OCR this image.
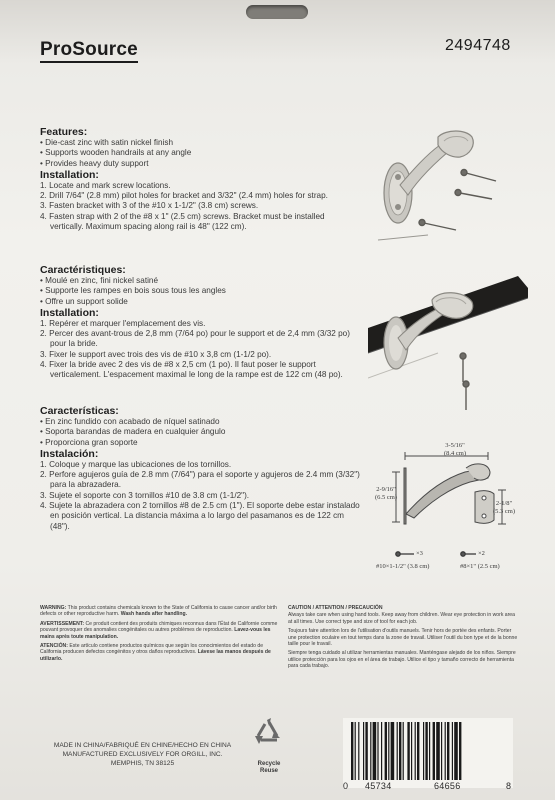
ProSource	2494748
Features:
• Die-cast zinc with satin nickel finish
• Supports wooden handrails at any angle
• Provides heavy duty support
Installation:
1. Locate and mark screw locations.
2. Drill 7/64" (2.8 mm) pilot holes for bracket and 3/32" (2.4 mm) holes for strap.
3. Fasten bracket with 3 of the #10 x 1-1/2" (3.8 cm) screws.
4. Fasten strap with 2 of the #8 x 1" (2.5 cm) screws. Bracket must be installed vertically. Maximum spacing along rail is 48" (122 cm).
Caractéristiques:
• Moulé en zinc, fini nickel satiné
• Supporte les rampes en bois sous tous les angles
• Offre un support solide
Installation:
1. Repérer et marquer l'emplacement des vis.
2. Percer des avant-trous de 2,8 mm (7/64 po) pour le support et de 2,4 mm (3/32 po) pour la bride.
3. Fixer le support avec trois des vis de #10 x 3,8 cm (1-1/2 po).
4. Fixer la bride avec 2 des vis de #8 x 2,5 cm (1 po). Il faut poser le support verticalement. L'espacement maximal le long de la rampe est de 122 cm (48 po).
Características:
• En zinc fundido con acabado de níquel satinado
• Soporta barandas de madera en cualquier ángulo
• Proporciona gran soporte
Instalación:
1. Coloque y marque las ubicaciones de los tornillos.
2. Perfore agujeros guía de 2.8 mm (7/64") para el soporte y agujeros de 2.4 mm (3/32") para la abrazadera.
3. Sujete el soporte con 3 tornillos #10 de 3.8 cm (1-1/2").
4. Sujete la abrazadera con 2 tornillos #8 de 2.5 cm (1"). El soporte debe estar instalado en posición vertical. La distancia máxima a lo largo del pasamanos es de 122 cm (48").
3-5/16"
(8.4 cm)
2-9/16"
(6.5 cm)
2-1/8"
(5.3 cm)
×3	×2
#10×1-1/2" (3.8 cm)	#8×1" (2.5 cm)

WARNING: This product contains chemicals known to the State of California to cause cancer and/or birth defects or other reproductive harm. Wash hands after handling.

AVERTISSEMENT: Ce produit contient des produits chimiques reconnus dans l'État de Californie comme pouvant provoquer des anomalies congénitales ou autres problèmes de reproduction. Lavez-vous les mains après toute manipulation.

ATENCIÓN: Este artículo contiene productos químicos que según los conocimientos del estado de California producen defectos congénitos y otros daños reproductivos. Lávese las manos después de utilizarlo.

CAUTION / ATTENTION / PRECAUCIÓN

Always take care when using hand tools. Keep away from children. Wear eye protection in work area at all times. Use correct type and size of tool for each job.

Toujours faire attention lors de l'utilisation d'outils manuels. Tenir hors de portée des enfants. Porter une protection oculaire en tout temps dans la zone de travail. Utiliser l'outil du bon type et de la bonne taille pour le travail.

Siempre tenga cuidado al utilizar herramientas manuales. Manténgase alejado de los niños. Siempre utilice protección para los ojos en el área de trabajo. Utilice el tipo y tamaño correcto de herramienta para cada trabajo.

MADE IN CHINA/FABRIQUÉ EN CHINE/HECHO EN CHINA
MANUFACTURED EXCLUSIVELY FOR ORGILL, INC.
MEMPHIS, TN 38125	Recycle
Reuse
0 45734	64656	8
